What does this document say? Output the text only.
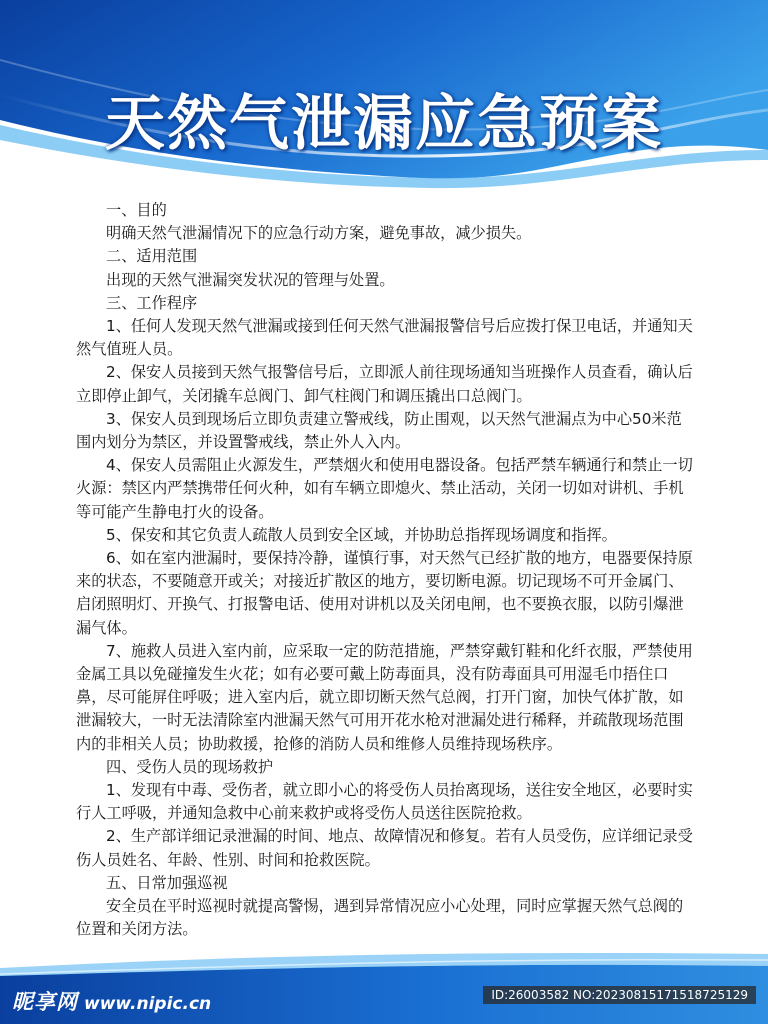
天然气泄漏应急预案

一、目的

明确天然气泄漏情况下的应急行动方案，避免事故，减少损失。

二、适用范围

出现的天然气泄漏突发状况的管理与处置。

三、工作程序

1、任何人发现天然气泄漏或接到任何天然气泄漏报警信号后应拨打保卫电话，并通知天然气值班人员。

2、保安人员接到天然气报警信号后，立即派人前往现场通知当班操作人员查看，确认后立即停止卸气，关闭撬车总阀门、卸气柱阀门和调压撬出口总阀门。

3、保安人员到现场后立即负责建立警戒线，防止围观，以天然气泄漏点为中心50米范围内划分为禁区，并设置警戒线，禁止外人入内。

4、保安人员需阻止火源发生，严禁烟火和使用电器设备。包括严禁车辆通行和禁止一切火源：禁区内严禁携带任何火种，如有车辆立即熄火、禁止活动，关闭一切如对讲机、手机等可能产生静电打火的设备。

5、保安和其它负责人疏散人员到安全区域，并协助总指挥现场调度和指挥。

6、如在室内泄漏时，要保持冷静，谨慎行事，对天然气已经扩散的地方，电器要保持原来的状态，不要随意开或关；对接近扩散区的地方，要切断电源。切记现场不可开金属门、启闭照明灯、开换气、打报警电话、使用对讲机以及关闭电闸，也不要换衣服，以防引爆泄漏气体。

7、施救人员进入室内前，应采取一定的防范措施，严禁穿戴钉鞋和化纤衣服，严禁使用金属工具以免碰撞发生火花；如有必要可戴上防毒面具，没有防毒面具可用湿毛巾捂住口鼻，尽可能屏住呼吸；进入室内后，就立即切断天然气总阀，打开门窗，加快气体扩散，如泄漏较大，一时无法清除室内泄漏天然气可用开花水枪对泄漏处进行稀释，并疏散现场范围内的非相关人员；协助救援，抢修的消防人员和维修人员维持现场秩序。

四、受伤人员的现场救护

1、发现有中毒、受伤者，就立即小心的将受伤人员抬离现场，送往安全地区，必要时实行人工呼吸，并通知急救中心前来救护或将受伤人员送往医院抢救。

2、生产部详细记录泄漏的时间、地点、故障情况和修复。若有人员受伤，应详细记录受伤人员姓名、年龄、性别、时间和抢救医院。

五、日常加强巡视

安全员在平时巡视时就提高警惕，遇到异常情况应小心处理，同时应掌握天然气总阀的位置和关闭方法。

昵享网 www.nipic.cn	ID:26003582 NO:20230815171518725129
